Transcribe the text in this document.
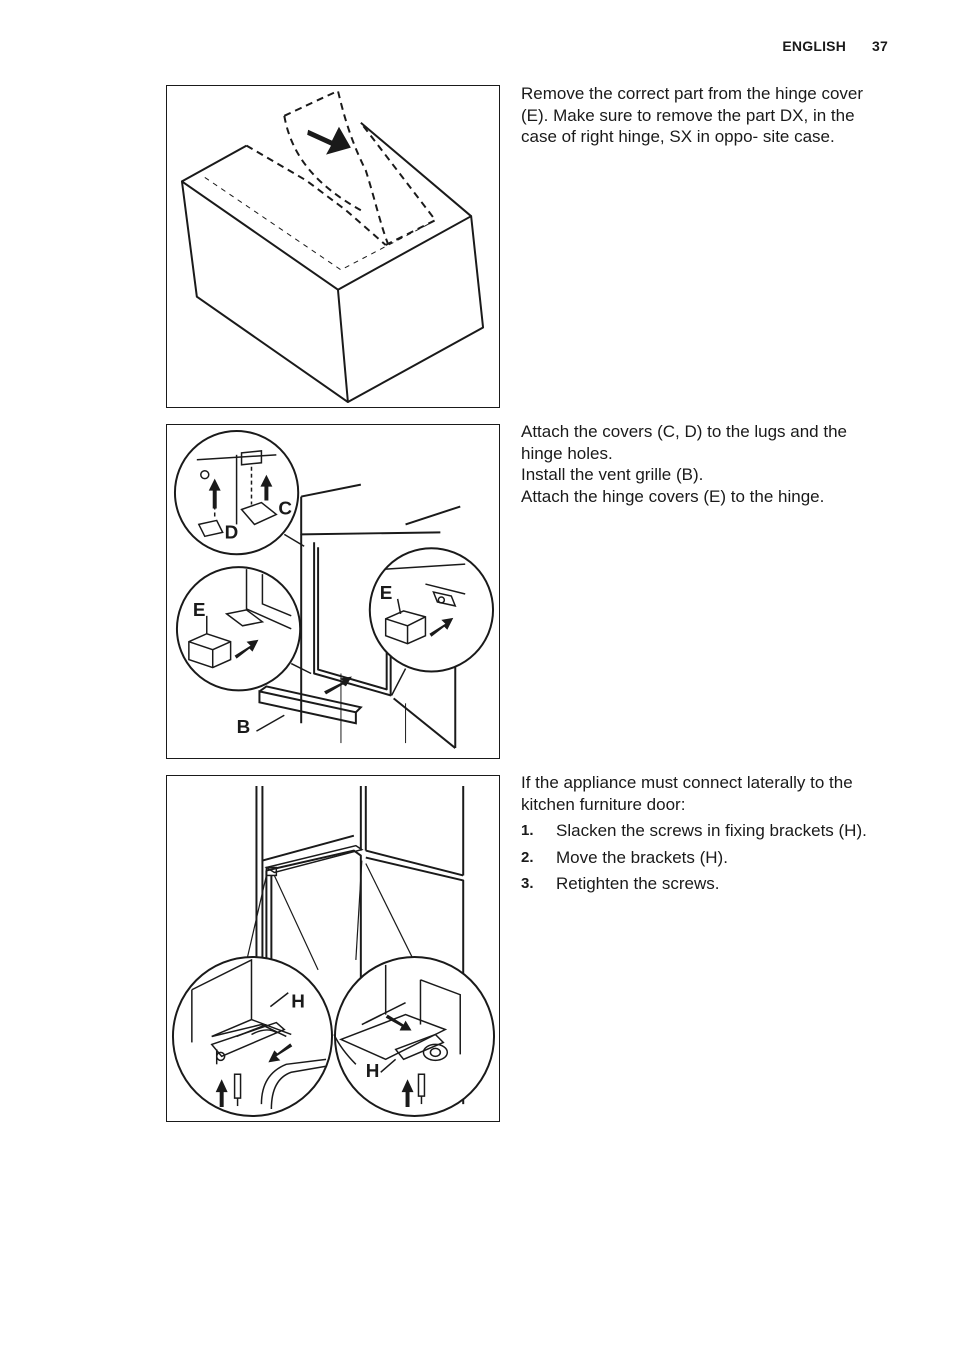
ENGLISH 37

Remove the correct part from the hinge cover (E). Make sure to remove the part DX, in the case of right hinge, SX in oppo- site case.

C
D
E
E
B

Attach the covers (C, D) to the lugs and the hinge holes.

Install the vent grille (B).

Attach the hinge covers (E) to the hinge.

H
H

If the appliance must connect laterally to the kitchen furniture door:

1. Slacken the screws in fixing brackets (H).
2. Move the brackets (H).
3. Retighten the screws.
